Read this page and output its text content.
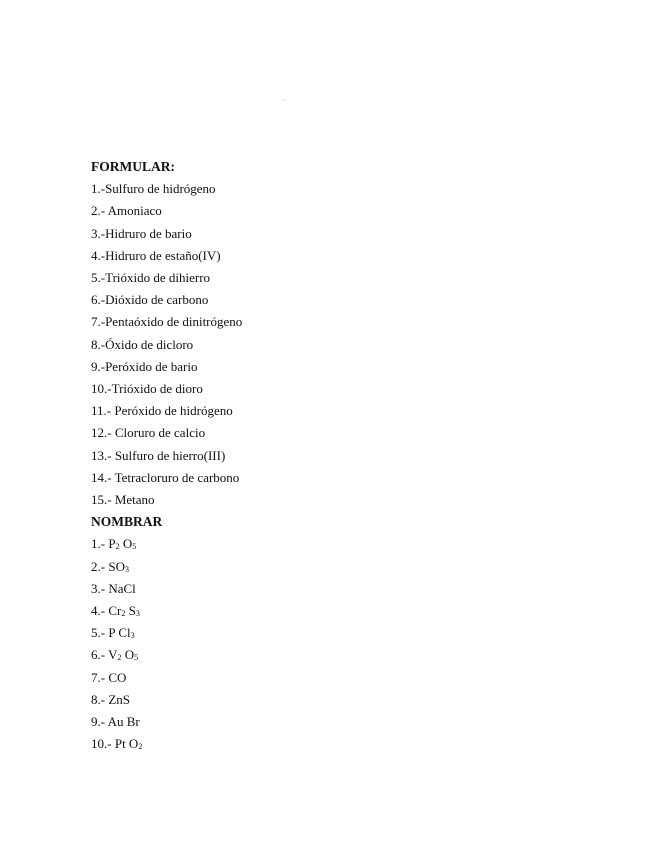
.
FORMULAR:
1.-Sulfuro de hidrógeno
2.- Amoniaco
3.-Hidruro de bario
4.-Hidruro de estaño(IV)
5.-Trióxido de dihierro
6.-Dióxido de carbono
7.-Pentaóxido de dinitrógeno
8.-Óxido de dicloro
9.-Peróxido de bario
10.-Trióxido de dioro
11.- Peróxido de hidrógeno
12.- Cloruro de calcio
13.- Sulfuro de hierro(III)
14.- Tetracloruro de carbono
15.- Metano
NOMBRAR
1.- P2 O5
2.- SO3
3.- NaCl
4.- Cr2 S3
5.- P Cl3
6.- V2 O5
7.- CO
8.- ZnS
9.- Au Br
10.- Pt O2
